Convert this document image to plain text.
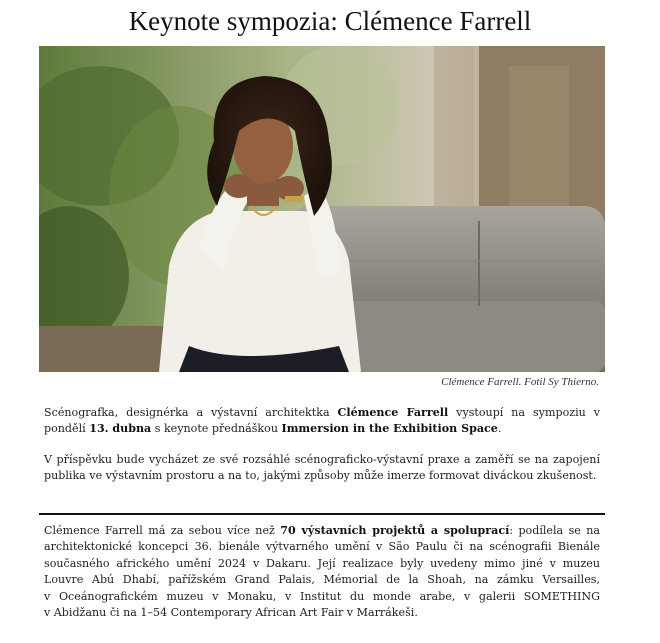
Keynote sympozia: Clémence Farrell
Clémence Farrell. Fotil Sy Thierno.
Scénografka, designérka a výstavní architektka Clémence Farrell vystoupí na sympoziu v pondělí 13. dubna s keynote přednáškou Immersion in the Exhibition Space.
V příspěvku bude vycházet ze své rozsáhlé scénograficko-výstavní praxe a zaměří se na zapojení publika ve výstavním prostoru a na to, jakými způsoby může imerze formovat diváckou zkušenost.
Clémence Farrell má za sebou více než 70 výstavních projektů a spoluprací: podílela se na
architektonické koncepci 36. bienále výtvarného umění v São Paulu či na scénografii Bienále
současného afrického umění 2024 v Dakaru. Její realizace byly uvedeny mimo jiné v muzeu
Louvre Abú Dhabí, pařížském Grand Palais, Mémorial de la Shoah, na zámku Versailles,
v Oceánografickém muzeu v Monaku, v Institut du monde arabe, v galerii SOMETHING
v Abidžanu či na 1–54 Contemporary African Art Fair v Marrákeši.
